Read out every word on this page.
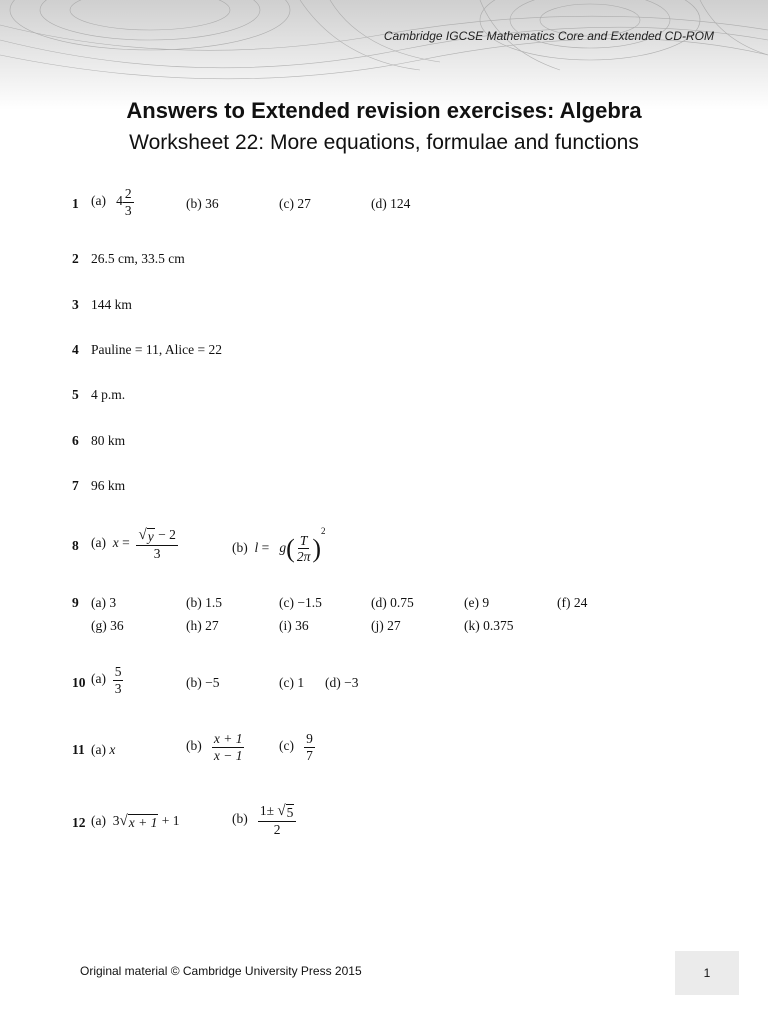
Cambridge IGCSE Mathematics Core and Extended CD-ROM
Answers to Extended revision exercises: Algebra
Worksheet 22: More equations, formulae and functions
1 (a) $4 \frac{2}{3}$	(b) 36	(c) 27	(d) 124
2 26.5 cm, 33.5 cm
3 144 km
4 Pauline = 11, Alice = 22
5 4 p.m.
6 80 km
7 96 km
8 (a) $x = \frac{√ y - 2}{3}$	(b) $l = g( \frac{T}{2\pi} )^2$
9 (a) 3	(b) 1.5	(c) −1.5	(d) 0.75	(e) 9	(f) 24
(g) 36	(h) 27	(i) 36	(j) 27	(k) 0.375
10 $(a) \frac{5}{3}$	(b) −5	(c) 1 (d) −3
11 (a) x	$(b) \frac{x + 1}{x - 1}$	$(c) \frac{9}{7}$
12 (a) 3 √ x + 1 + 1	$(b) \frac{1\pm √ 5}{2}$
Original material © Cambridge University Press 2015	1
